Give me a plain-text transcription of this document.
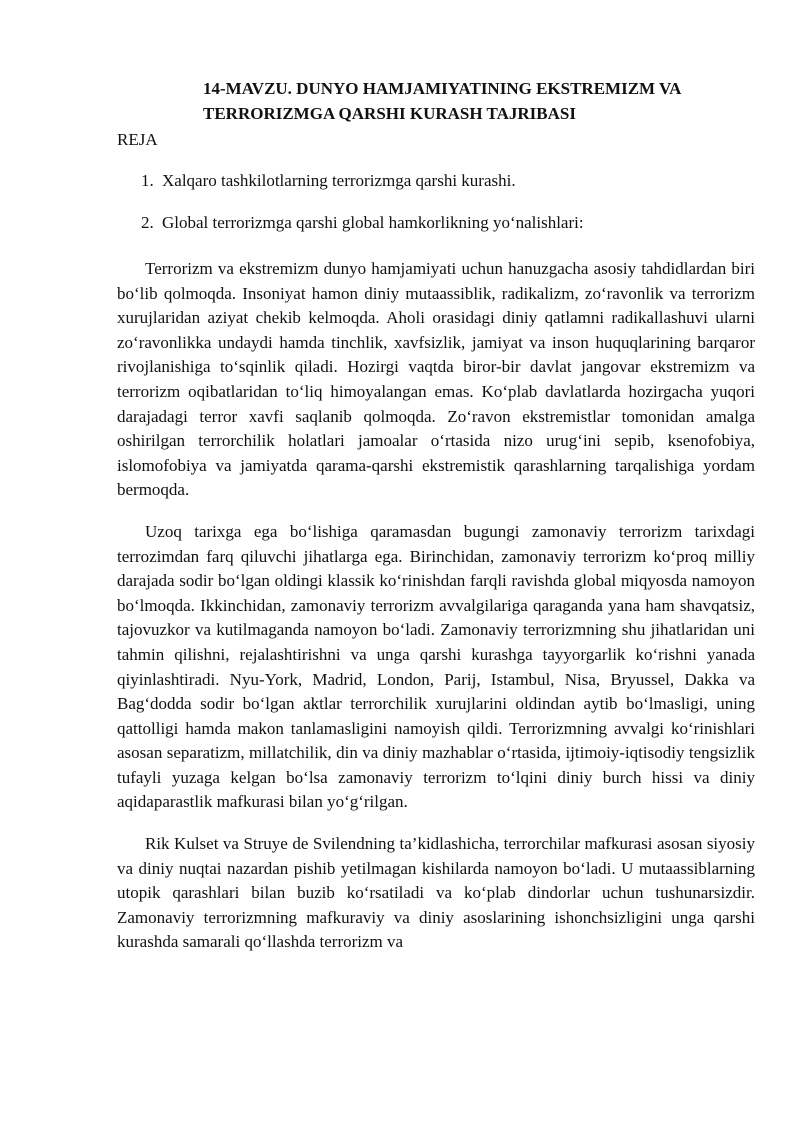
14-MAVZU. DUNYO HAMJAMIYATINING EKSTREMIZM VA
TERRORIZMGA QARSHI KURASH TAJRIBASI
REJA
1. Xalqaro tashkilotlarning terrorizmga qarshi kurashi.
2. Global terrorizmga qarshi global hamkorlikning yo‘nalishlari:

Terrorizm va ekstremizm dunyo hamjamiyati uchun hanuzgacha asosiy tahdidlardan biri bo‘lib qolmoqda. Insoniyat hamon diniy mutaassiblik, radikalizm, zo‘ravonlik va terrorizm xurujlaridan aziyat chekib kelmoqda. Aholi orasidagi diniy qatlamni radikallashuvi ularni zo‘ravonlikka undaydi hamda tinchlik, xavfsizlik, jamiyat va inson huquqlarining barqaror rivojlanishiga to‘sqinlik qiladi. Hozirgi vaqtda biror-bir davlat jangovar ekstremizm va terrorizm oqibatlaridan to‘liq himoyalangan emas. Ko‘plab davlatlarda hozirgacha yuqori darajadagi terror xavfi saqlanib qolmoqda. Zo‘ravon ekstremistlar tomonidan amalga oshirilgan terrorchilik holatlari jamoalar o‘rtasida nizo urug‘ini sepib, ksenofobiya, islomofobiya va jamiyatda qarama-qarshi ekstremistik qarashlarning tarqalishiga yordam bermoqda.

Uzoq tarixga ega bo‘lishiga qaramasdan bugungi zamonaviy terrorizm tarixdagi terrozimdan farq qiluvchi jihatlarga ega. Birinchidan, zamonaviy terrorizm ko‘proq milliy darajada sodir bo‘lgan oldingi klassik ko‘rinishdan farqli ravishda global miqyosda namoyon bo‘lmoqda. Ikkinchidan, zamonaviy terrorizm avvalgilariga qaraganda yana ham shavqatsiz, tajovuzkor va kutilmaganda namoyon bo‘ladi. Zamonaviy terrorizmning shu jihatlaridan uni tahmin qilishni, rejalashtirishni va unga qarshi kurashga tayyorgarlik ko‘rishni yanada qiyinlashtiradi. Nyu-York, Madrid, London, Parij, Istambul, Nisa, Bryussel, Dakka va Bag‘dodda sodir bo‘lgan aktlar terrorchilik xurujlarini oldindan aytib bo‘lmasligi, uning qattolligi hamda makon tanlamasligini namoyish qildi. Terrorizmning avvalgi ko‘rinishlari asosan separatizm, millatchilik, din va diniy mazhablar o‘rtasida, ijtimoiy-iqtisodiy tengsizlik tufayli yuzaga kelgan bo‘lsa zamonaviy terrorizm to‘lqini diniy burch hissi va diniy aqidaparastlik mafkurasi bilan yo‘g‘rilgan.

Rik Kulset va Struye de Svilendning ta’kidlashicha, terrorchilar mafkurasi asosan siyosiy va diniy nuqtai nazardan pishib yetilmagan kishilarda namoyon bo‘ladi. U mutaassiblarning utopik qarashlari bilan buzib ko‘rsatiladi va ko‘plab dindorlar uchun tushunarsizdir. Zamonaviy terrorizmning mafkuraviy va diniy asoslarining ishonchsizligini unga qarshi kurashda samarali qo‘llashda terrorizm va
